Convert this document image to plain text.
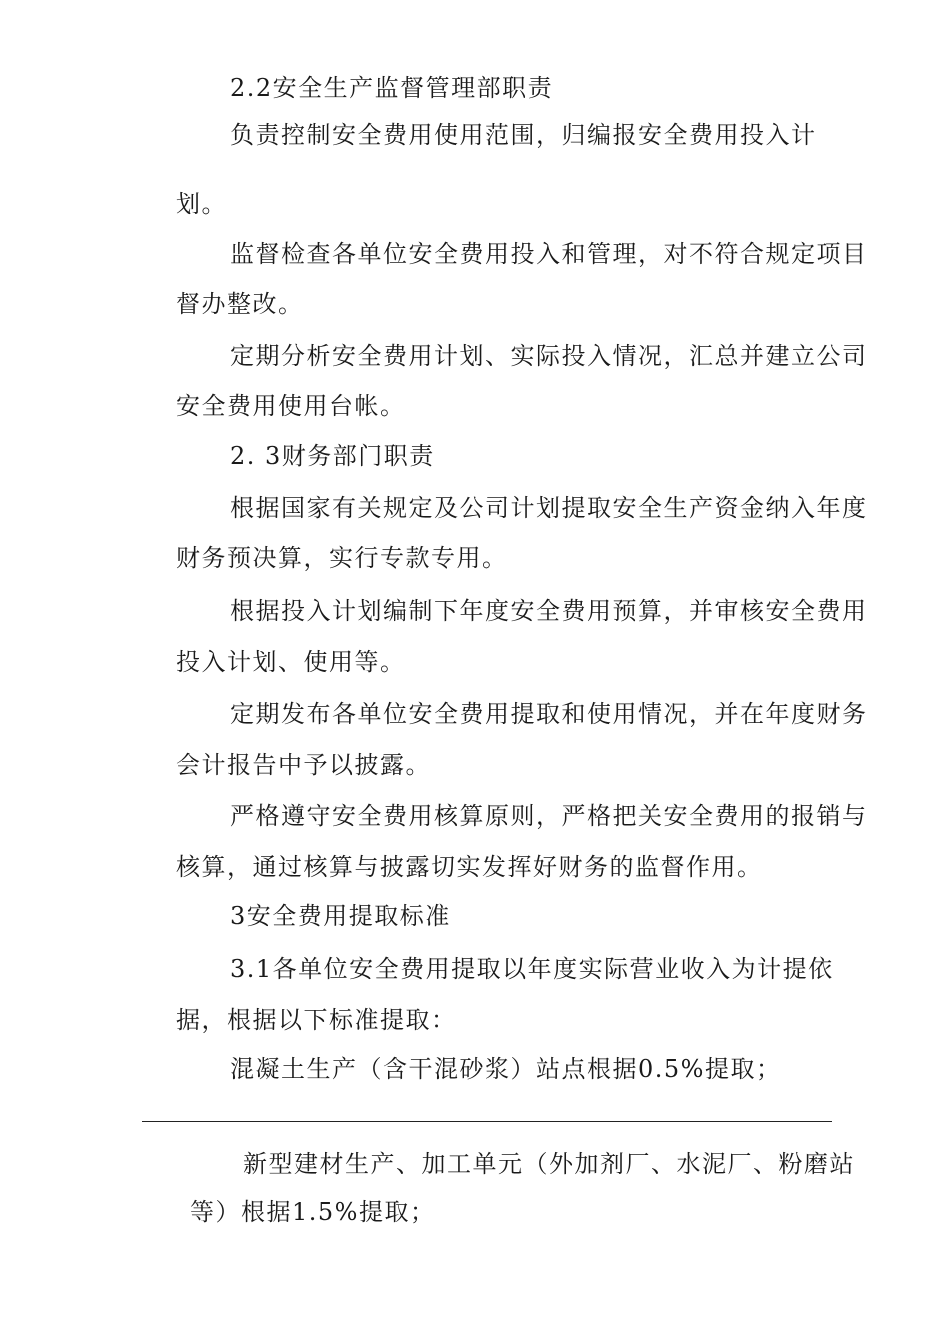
2.2安全生产监督管理部职责
负责控制安全费用使用范围，归编报安全费用投入计
划。
监督检查各单位安全费用投入和管理，对不符合规定项目
督办整改。
定期分析安全费用计划、实际投入情况，汇总并建立公司
安全费用使用台帐。
2. 3财务部门职责
根据国家有关规定及公司计划提取安全生产资金纳入年度
财务预决算，实行专款专用。
根据投入计划编制下年度安全费用预算，并审核安全费用
投入计划、使用等。
定期发布各单位安全费用提取和使用情况，并在年度财务
会计报告中予以披露。
严格遵守安全费用核算原则，严格把关安全费用的报销与
核算，通过核算与披露切实发挥好财务的监督作用。
3安全费用提取标准
3.1各单位安全费用提取以年度实际营业收入为计提依
据，根据以下标准提取：
混凝土生产（含干混砂浆）站点根据0.5%提取；
新型建材生产、加工单元（外加剂厂、水泥厂、粉磨站
等）根据1.5%提取；
